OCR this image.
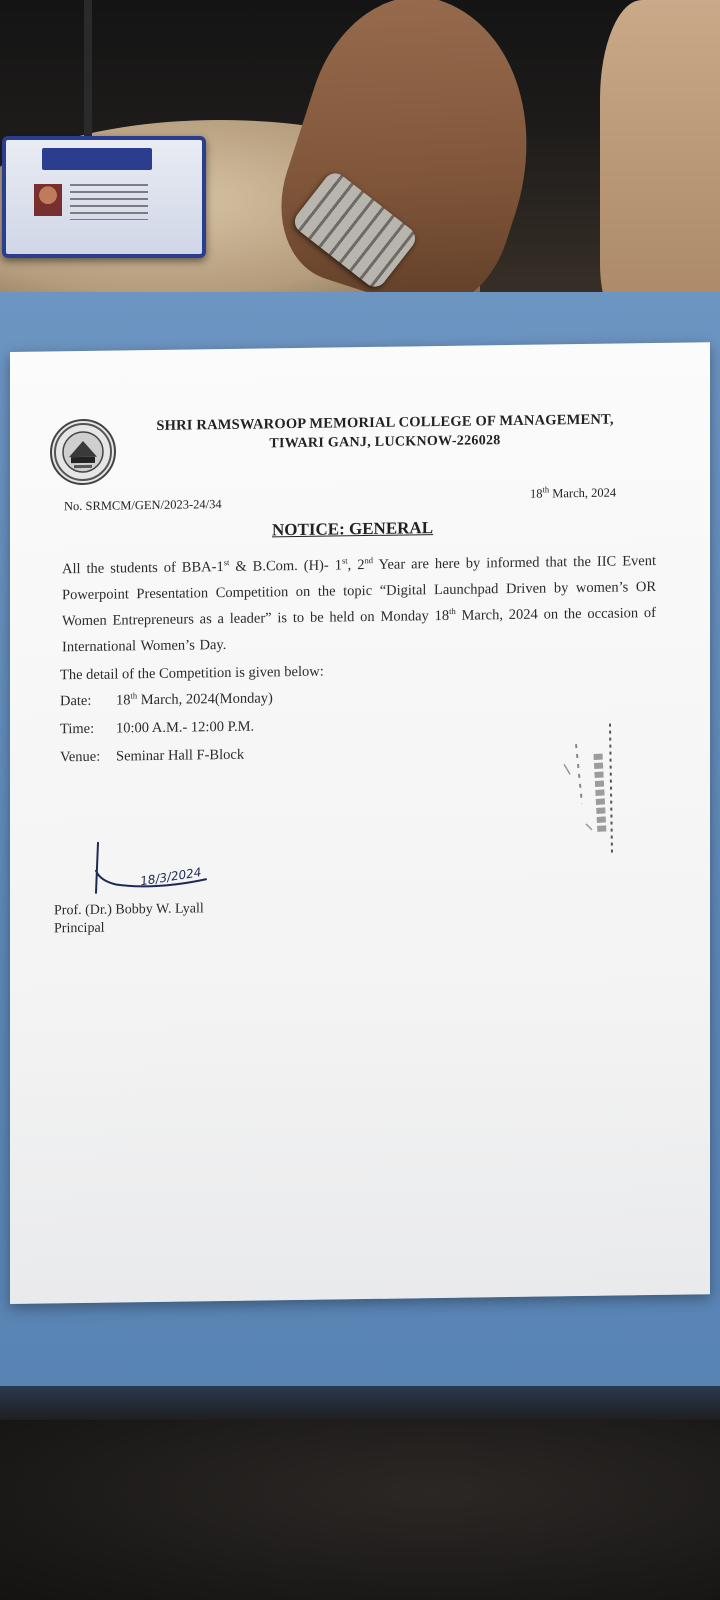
SHRI RAMSWAROOP MEMORIAL COLLEGE OF MANAGEMENT,
TIWARI GANJ, LUCKNOW-226028
No. SRMCM/GEN/2023-24/34
18th March, 2024
NOTICE: GENERAL
All the students of BBA-1st & B.Com. (H)- 1st, 2nd Year are here by informed that the IIC Event Powerpoint Presentation Competition on the topic “Digital Launchpad Driven by women’s OR Women Entrepreneurs as a leader” is to be held on Monday 18th March, 2024 on the occasion of International Women’s Day.
The detail of the Competition is given below:
Date: 18th March, 2024(Monday)
Time: 10:00 A.M.- 12:00 P.M.
Venue: Seminar Hall F-Block
18/3/2024
Prof. (Dr.) Bobby W. Lyall
Principal
